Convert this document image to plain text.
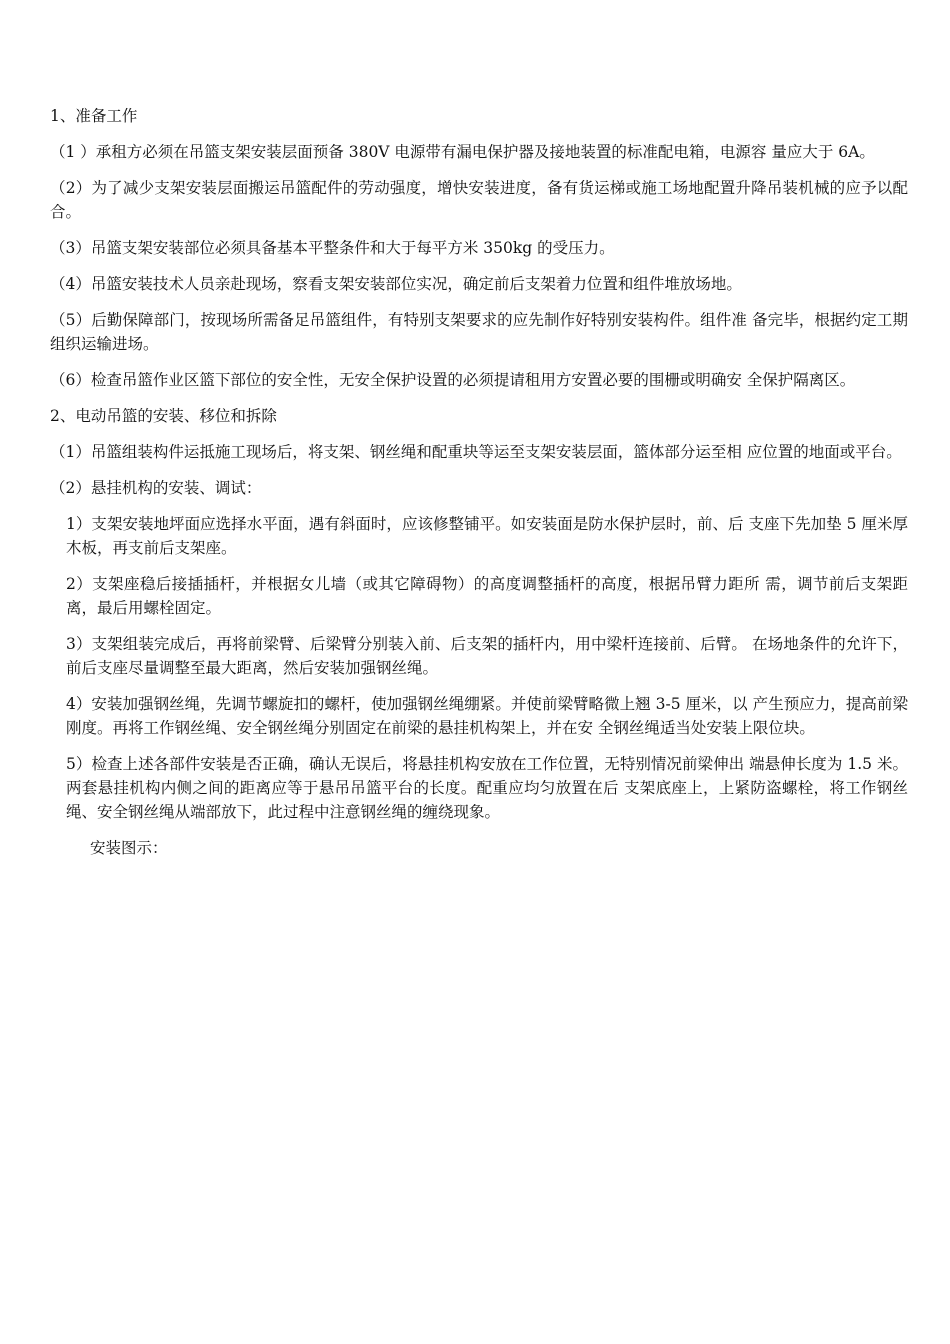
1、准备工作
（1 ）承租方必须在吊篮支架安装层面预备 380V 电源带有漏电保护器及接地装置的标准配电箱，电源容 量应大于 6A。
（2）为了减少支架安装层面搬运吊篮配件的劳动强度，增快安装进度，备有货运梯或施工场地配置升降吊装机械的应予以配合。
（3）吊篮支架安装部位必须具备基本平整条件和大于每平方米 350kg 的受压力。
（4）吊篮安装技术人员亲赴现场，察看支架安装部位实况，确定前后支架着力位置和组件堆放场地。
（5）后勤保障部门，按现场所需备足吊篮组件，有特别支架要求的应先制作好特别安装构件。组件准 备完毕，根据约定工期组织运输进场。
（6）检查吊篮作业区篮下部位的安全性，无安全保护设置的必须提请租用方安置必要的围栅或明确安 全保护隔离区。
2、电动吊篮的安装、移位和拆除
（1）吊篮组装构件运抵施工现场后，将支架、钢丝绳和配重块等运至支架安装层面，篮体部分运至相 应位置的地面或平台。
（2）悬挂机构的安装、调试：
1）支架安装地坪面应选择水平面，遇有斜面时，应该修整铺平。如安装面是防水保护层时，前、后 支座下先加垫 5 厘米厚木板，再支前后支架座。
2）支架座稳后接插插杆，并根据女儿墙（或其它障碍物）的高度调整插杆的高度，根据吊臂力距所 需，调节前后支架距离，最后用螺栓固定。
3）支架组装完成后，再将前梁臂、后梁臂分别装入前、后支架的插杆内，用中梁杆连接前、后臂。 在场地条件的允许下，前后支座尽量调整至最大距离，然后安装加强钢丝绳。
4）安装加强钢丝绳，先调节螺旋扣的螺杆，使加强钢丝绳绷紧。并使前梁臂略微上翘 3-5 厘米，以 产生预应力，提高前梁刚度。再将工作钢丝绳、安全钢丝绳分别固定在前梁的悬挂机构架上，并在安 全钢丝绳适当处安装上限位块。
5）检查上述各部件安装是否正确，确认无误后，将悬挂机构安放在工作位置，无特别情况前梁伸出 端悬伸长度为 1.5 米。两套悬挂机构内侧之间的距离应等于悬吊吊篮平台的长度。配重应均匀放置在后 支架底座上，上紧防盗螺栓，将工作钢丝绳、安全钢丝绳从端部放下，此过程中注意钢丝绳的缠绕现象。
安装图示：
